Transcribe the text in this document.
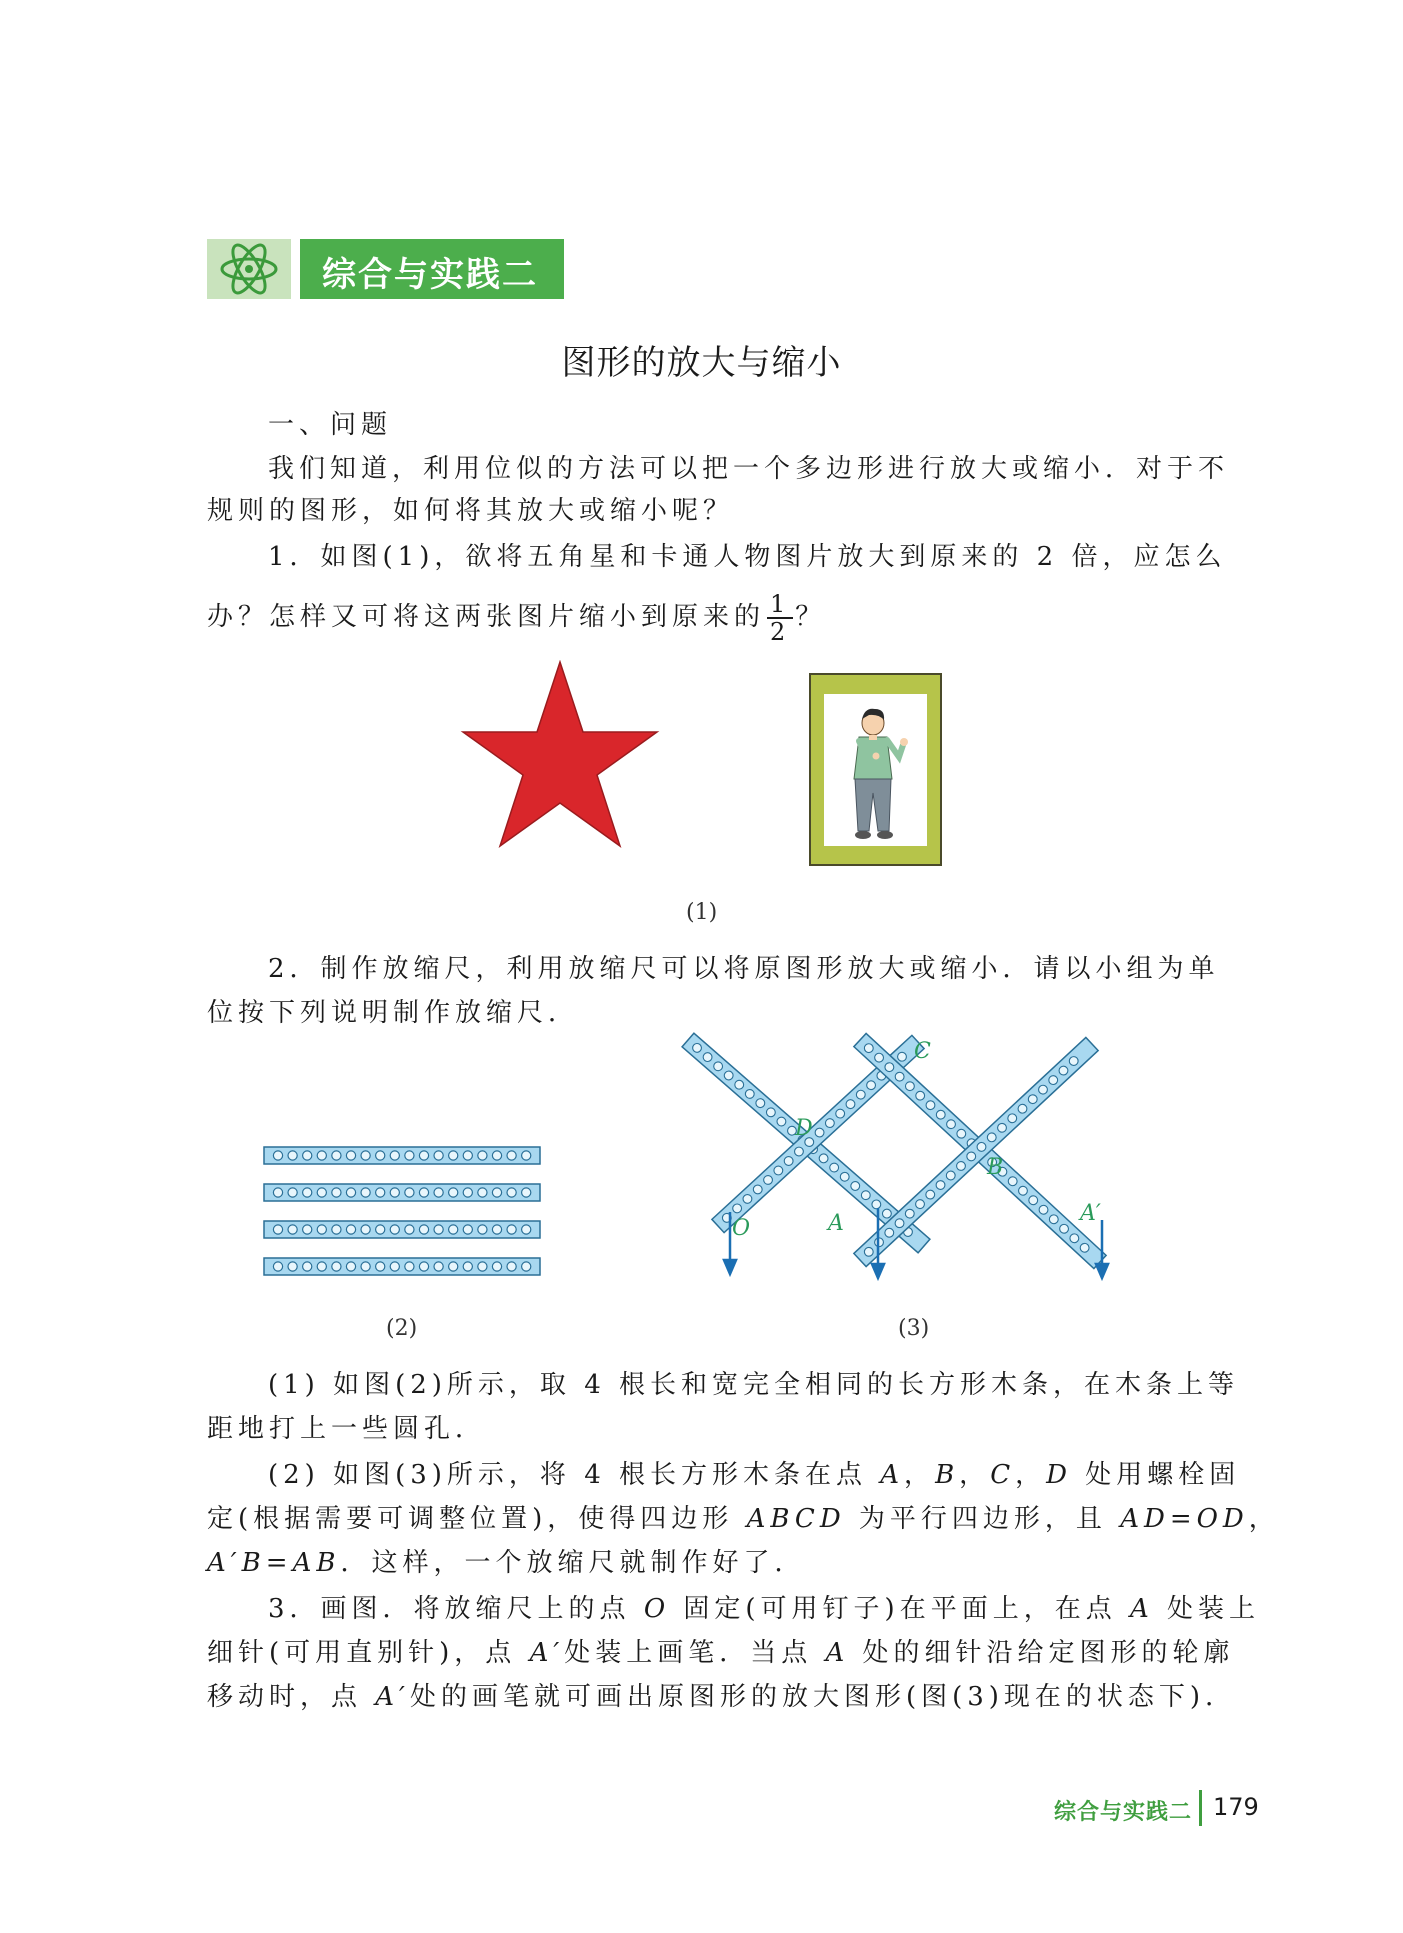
综合与实践二
图形的放大与缩小
一、问题
我们知道，利用位似的方法可以把一个多边形进行放大或缩小．对于不
规则的图形，如何将其放大或缩小呢？
1．如图(1)，欲将五角星和卡通人物图片放大到原来的 2 倍，应怎么
办？怎样又可将这两张图片缩小到原来的 $\frac{1}{2}$ ？
(1)
2．制作放缩尺，利用放缩尺可以将原图形放大或缩小．请以小组为单
位按下列说明制作放缩尺．
(2)
C
D
B
O	A	A′
(3)
(1) 如图(2)所示，取 4 根长和宽完全相同的长方形木条，在木条上等
距地打上一些圆孔．
(2) 如图(3)所示，将 4 根长方形木条在点 A，B，C，D 处用螺栓固
定(根据需要可调整位置)，使得四边形 ABCD 为平行四边形，且 AD=OD，
A′B=AB．这样，一个放缩尺就制作好了．
3．画图．将放缩尺上的点 O 固定(可用钉子)在平面上，在点 A 处装上
细针(可用直别针)，点 A′处装上画笔．当点 A 处的细针沿给定图形的轮廓
移动时，点 A′处的画笔就可画出原图形的放大图形(图(3)现在的状态下)．
综合与实践二 179
